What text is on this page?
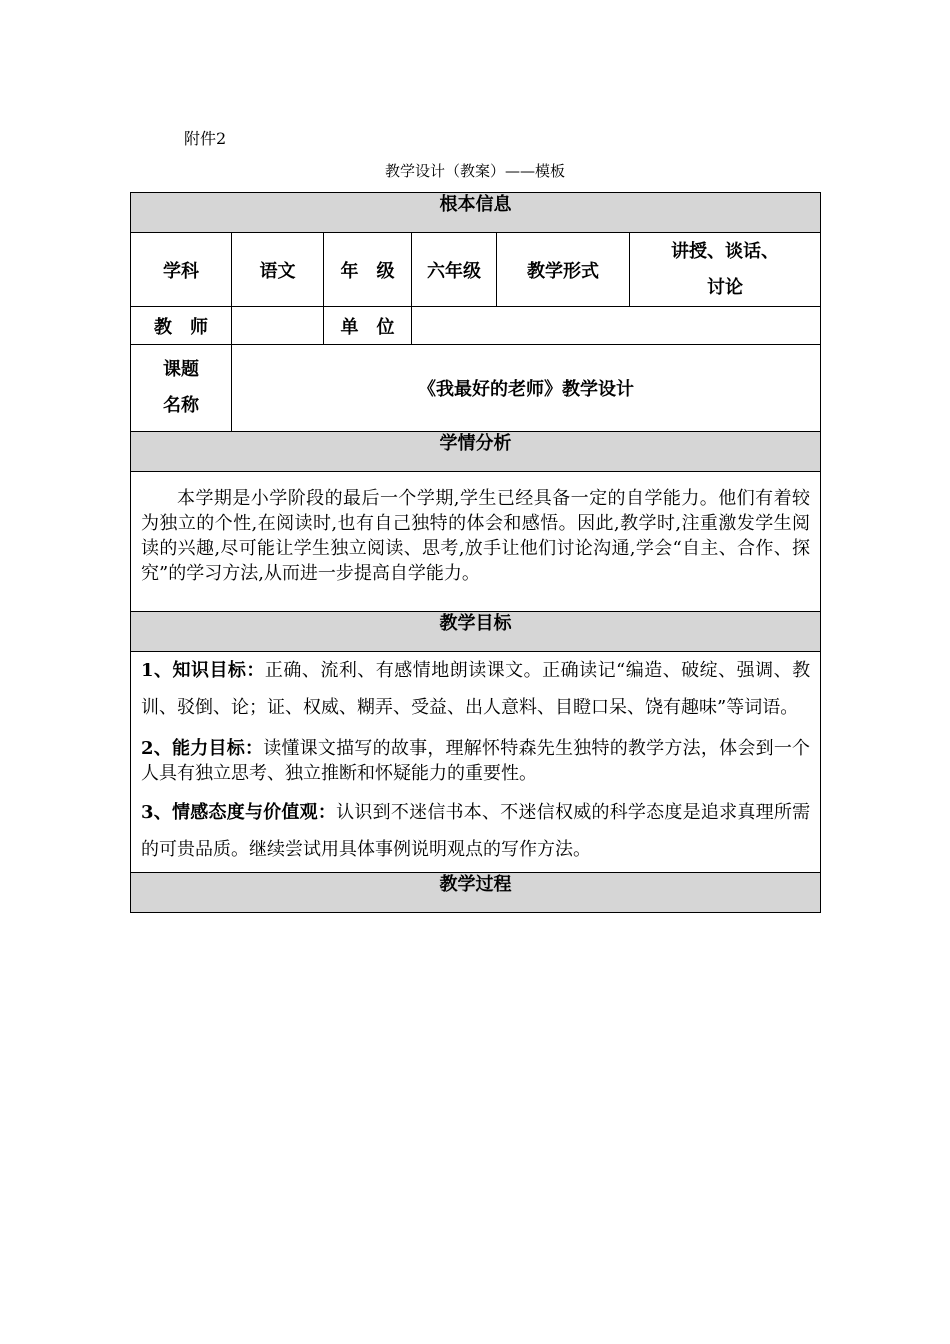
附件2
教学设计（教案）——模板
根本信息					
学科	语文	年　级	六年级	教学形式	讲授、谈话、
讨论

教　师		单　位			

课题
名称	《我最好的老师》教学设计				
学情分析					

本学期是小学阶段的最后一个学期,学生已经具备一定的自学能力。他们有着较为独立的个性,在阅读时,也有自己独特的体会和感悟。因此,教学时,注重激发学生阅读的兴趣,尽可能让学生独立阅读、思考,放手让他们讨论沟通,学会“自主、合作、探究”的学习方法,从而进一步提高自学能力。					

教学目标					

1、知识目标：正确、流利、有感情地朗读课文。正确读记“编造、破绽、强调、教训、驳倒、论；证、权威、糊弄、受益、出人意料、目瞪口呆、饶有趣味”等词语。

2、能力目标：读懂课文描写的故事，理解怀特森先生独特的教学方法，体会到一个人具有独立思考、独立推断和怀疑能力的重要性。

3、情感态度与价值观：认识到不迷信书本、不迷信权威的科学态度是追求真理所需的可贵品质。继续尝试用具体事例说明观点的写作方法。					

教学过程					
